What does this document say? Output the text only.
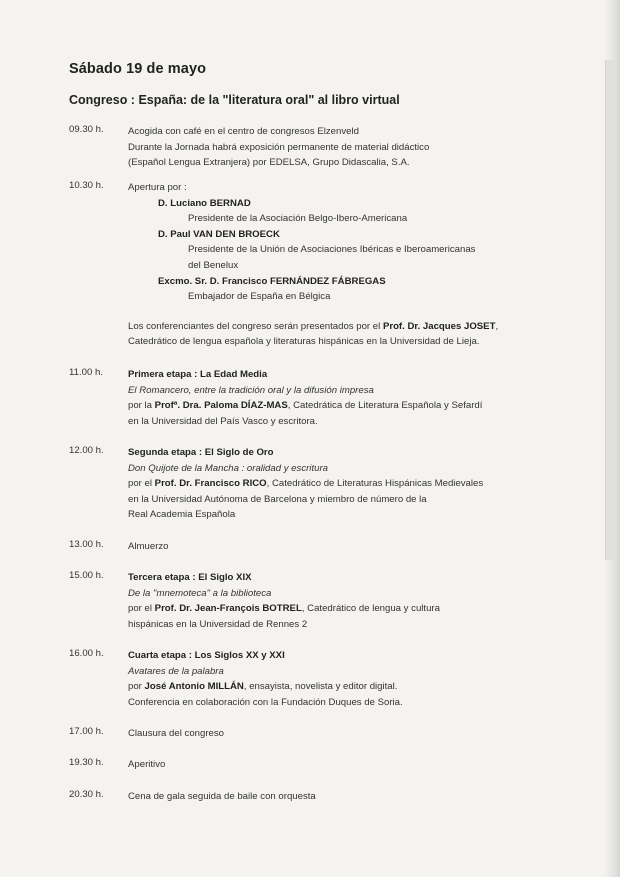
Sábado 19 de mayo
Congreso : España: de la "literatura oral" al libro virtual
09.30 h.	Acogida con café en el centro de congresos Elzenveld
Durante la Jornada habrá exposición permanente de material didáctico
(Español Lengua Extranjera) por EDELSA, Grupo Didascalia, S.A.
10.30 h.	Apertura por :
D. Luciano BERNAD
Presidente de la Asociación Belgo-Ibero-Americana
D. Paul VAN DEN BROECK
Presidente de la Unión de Asociaciones Ibéricas e Iberoamericanas
del Benelux
Excmo. Sr. D. Francisco FERNÁNDEZ FÁBREGAS
Embajador de España en Bélgica
Los conferenciantes del congreso serán presentados por el Prof. Dr. Jacques JOSET,
Catedrático de lengua española y literaturas hispánicas en la Universidad de Lieja.
11.00 h.	Primera etapa : La Edad Media
El Romancero, entre la tradición oral y la difusión impresa
por la Profª. Dra. Paloma DÍAZ-MAS, Catedrática de Literatura Española y Sefardí
en la Universidad del País Vasco y escritora.
12.00 h.	Segunda etapa : El Siglo de Oro
Don Quijote de la Mancha : oralidad y escritura
por el Prof. Dr. Francisco RICO, Catedrático de Literaturas Hispánicas Medievales
en la Universidad Autónoma de Barcelona y miembro de número de la
Real Academia Española
13.00 h.	Almuerzo
15.00 h.	Tercera etapa : El Siglo XIX
De la "mnemoteca" a la biblioteca
por el Prof. Dr. Jean-François BOTREL, Catedrático de lengua y cultura
hispánicas en la Universidad de Rennes 2
16.00 h.	Cuarta etapa : Los Siglos XX y XXI
Avatares de la palabra
por José Antonio MILLÁN, ensayista, novelista y editor digital.
Conferencia en colaboración con la Fundación Duques de Soria.
17.00 h.	Clausura del congreso
19.30 h.	Aperitivo
20.30 h.	Cena de gala seguida de baile con orquesta
